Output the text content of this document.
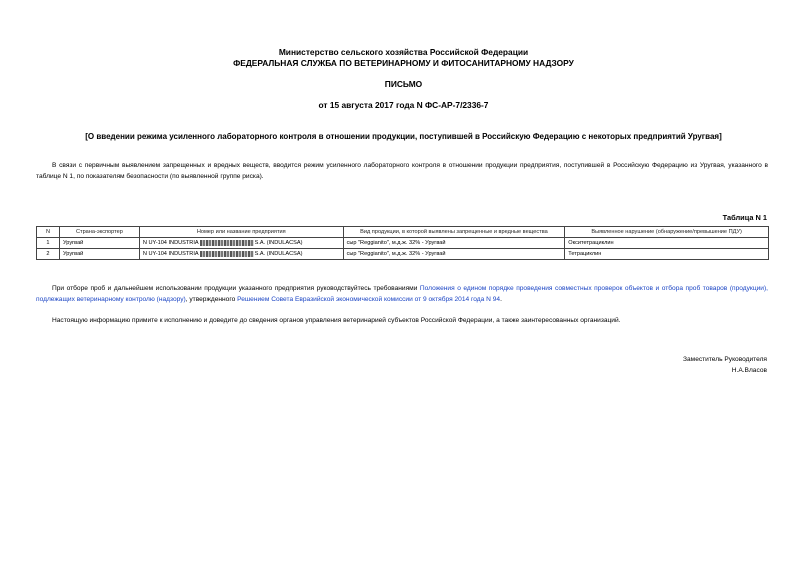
Министерство сельского хозяйства Российской Федерации
ФЕДЕРАЛЬНАЯ СЛУЖБА ПО ВЕТЕРИНАРНОМУ И ФИТОСАНИТАРНОМУ НАДЗОРУ
ПИСЬМО
от 15 августа 2017 года N ФС-АР-7/2336-7
[О введении режима усиленного лабораторного контроля в отношении продукции, поступившей в Российскую Федерацию с некоторых предприятий Уругвая]
В связи с первичным выявлением запрещенных и вредных веществ, вводится режим усиленного лабораторного контроля в отношении продукции предприятия, поступившей в Российскую Федерацию из Уругвая, указанного в таблице N 1, по показателям безопасности (по выявленной группе риска).
Таблица N 1
N	Страна-экспортер	Номер или название предприятия	Вид продукции, в которой выявлены запрещенные и вредные вещества	Выявленное нарушение (обнаружение/превышение ПДУ)
1	Уругвай	N UY-104 INDUSTRIA S.A. (INDULACSA)	сыр "Reggianito", м.д.ж. 32% - Уругвай	Окситетрациклин
2	Уругвай	N UY-104 INDUSTRIA S.A. (INDULACSA)	сыр "Reggianito", м.д.ж. 32% - Уругвай	Тетрациклин
При отборе проб и дальнейшем использовании продукции указанного предприятия руководствуйтесь требованиями Положения о едином порядке проведения совместных проверок объектов и отбора проб товаров (продукции), подлежащих ветеринарному контролю (надзору), утвержденного Решением Совета Евразийской экономической комиссии от 9 октября 2014 года N 94.
Настоящую информацию примите к исполнению и доведите до сведения органов управления ветеринарией субъектов Российской Федерации, а также заинтересованных организаций.
Заместитель Руководителя
Н.А.Власов
